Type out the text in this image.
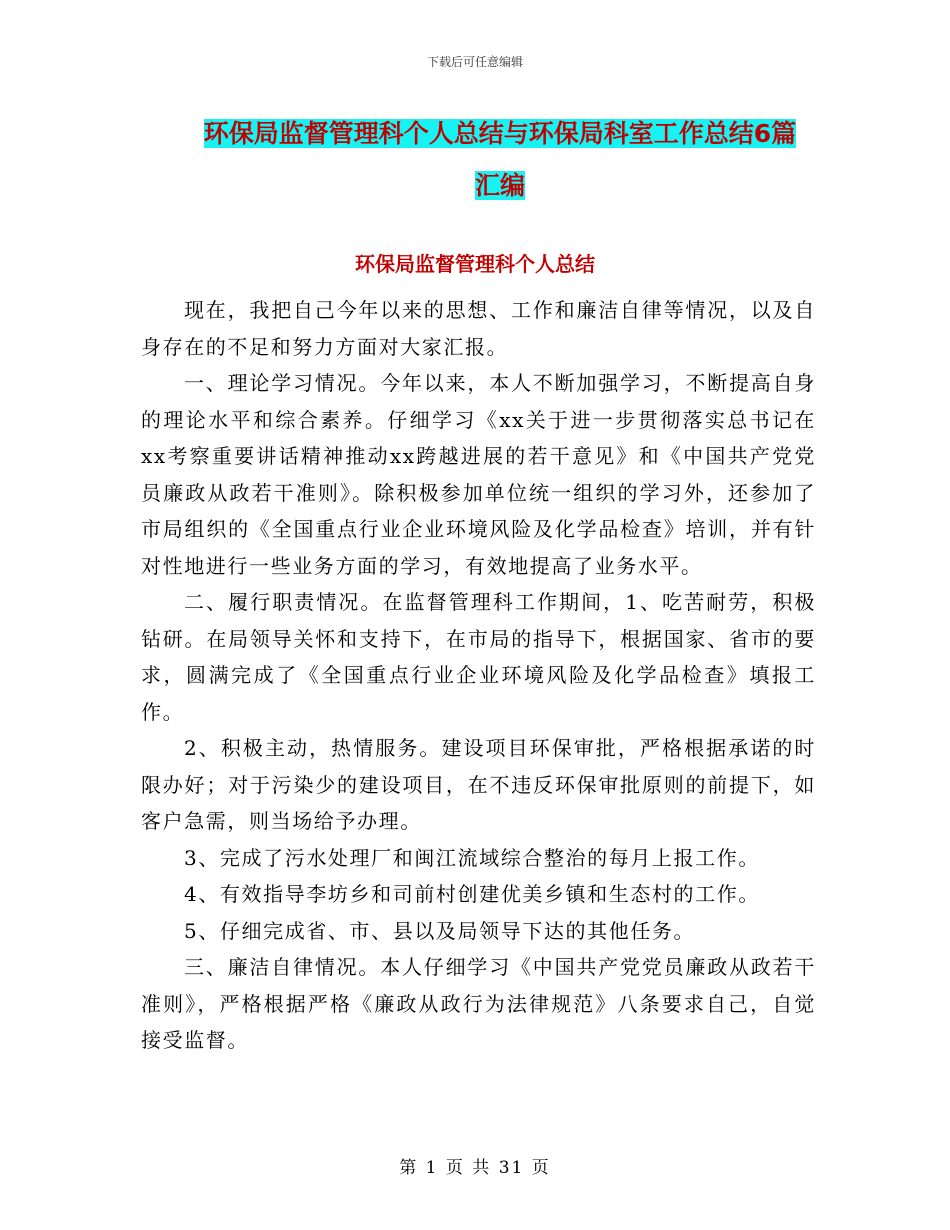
下载后可任意编辑
环保局监督管理科个人总结与环保局科室工作总结6篇汇编
环保局监督管理科个人总结

现在，我把自己今年以来的思想、工作和廉洁自律等情况，以及自身存在的不足和努力方面对大家汇报。

一、理论学习情况。今年以来，本人不断加强学习，不断提高自身的理论水平和综合素养。仔细学习《xx关于进一步贯彻落实总书记在xx考察重要讲话精神推动xx跨越进展的若干意见》和《中国共产党党员廉政从政若干准则》。除积极参加单位统一组织的学习外，还参加了市局组织的《全国重点行业企业环境风险及化学品检查》培训，并有针对性地进行一些业务方面的学习，有效地提高了业务水平。

二、履行职责情况。在监督管理科工作期间，1、吃苦耐劳，积极钻研。在局领导关怀和支持下，在市局的指导下，根据国家、省市的要求，圆满完成了《全国重点行业企业环境风险及化学品检查》填报工作。

2、积极主动，热情服务。建设项目环保审批，严格根据承诺的时限办好；对于污染少的建设项目，在不违反环保审批原则的前提下，如客户急需，则当场给予办理。

3、完成了污水处理厂和闽江流域综合整治的每月上报工作。

4、有效指导李坊乡和司前村创建优美乡镇和生态村的工作。

5、仔细完成省、市、县以及局领导下达的其他任务。

三、廉洁自律情况。本人仔细学习《中国共产党党员廉政从政若干准则》，严格根据严格《廉政从政行为法律规范》八条要求自己，自觉接受监督。

第 1 页 共 31 页
